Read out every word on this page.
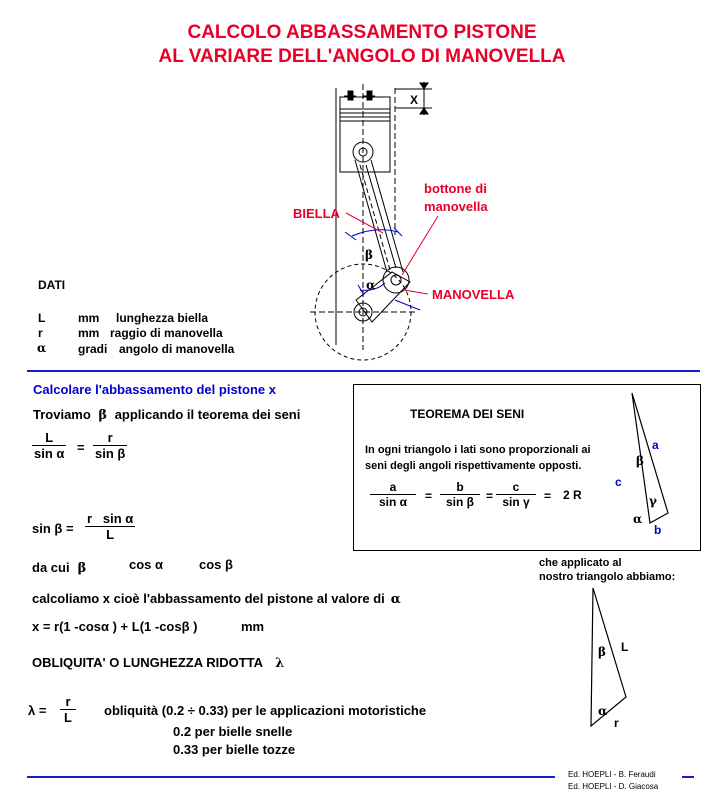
CALCOLO ABBASSAMENTO PISTONE
AL VARIARE DELL'ANGOLO DI MANOVELLA
β
α
X
BIELLA
bottone di
manovella
MANOVELLA
DATI
L	mm lunghezza biella
r	mm raggio di manovella
α	gradi angolo di manovella
Calcolare l'abbassamento del pistone x
Troviamo β applicando il teorema dei seni
$\frac{L}{\text{sin α}} = \frac{r}{\text{sin β}}$
$\sin \beta = \frac{\text{r   sin α}}{L}$
da cui β	cos α	cos β
calcoliamo x cioè l'abbassamento del pistone al valore di α
x = r(1 -cosα ) + L(1 -cosβ )	mm
OBLIQUITA' O LUNGHEZZA RIDOTTA λ
$\lambda = \frac{r}{L}$ obliquità (0.2 ÷ 0.33) per le applicazioni motoristiche
0.2 per bielle snelle
0.33 per bielle tozze
TEOREMA DEI SENI
In ogni triangolo i lati sono proporzionali ai
seni degli angoli rispettivamente opposti.
$\frac{a}{\text{sin α}} = \frac{b}{\text{sin β}} = \frac{c}{\text{sin γ}} = 2$ R
a
β
c
γ
α
b
che applicato al
nostro triangolo abbiamo:
β L
α
r
Ed. HOEPLI - B. Feraudi
Ed. HOEPLI - D. Giacosa
